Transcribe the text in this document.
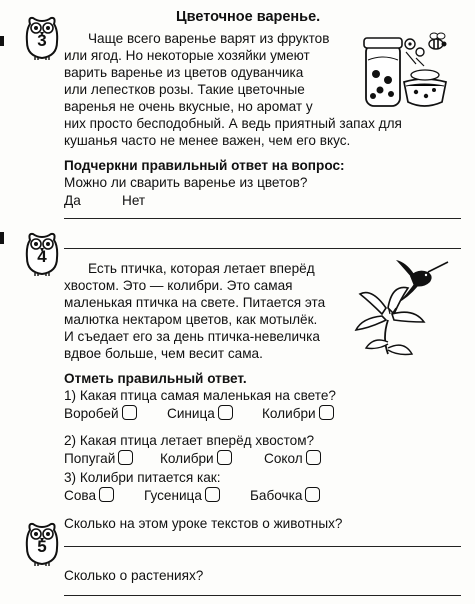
3
Цветочное варенье.
Чаще всего варенье варят из фруктов
или ягод. Но некоторые хозяйки умеют
варить варенье из цветов одуванчика
или лепестков розы. Такие цветочные
варенья не очень вкусные, но аромат у
них просто бесподобный. А ведь приятный запах для
кушанья часто не менее важен, чем его вкус.
Подчеркни правильный ответ на вопрос:
Можно ли сварить варенье из цветов?
Да	Нет
4
Есть птичка, которая летает вперёд
хвостом. Это — колибри. Это самая
маленькая птичка на свете. Питается эта
малютка нектаром цветов, как мотылёк.
И съедает его за день птичка-невеличка
вдвое больше, чем весит сама.
Отметь правильный ответ.
1) Какая птица самая маленькая на свете?
Воробей	Синица	Колибри
2) Какая птица летает вперёд хвостом?
Попугай	Колибри	Сокол
3) Колибри питается как:
Сова	Гусеница	Бабочка
5
Сколько на этом уроке текстов о животных?
Сколько о растениях?
